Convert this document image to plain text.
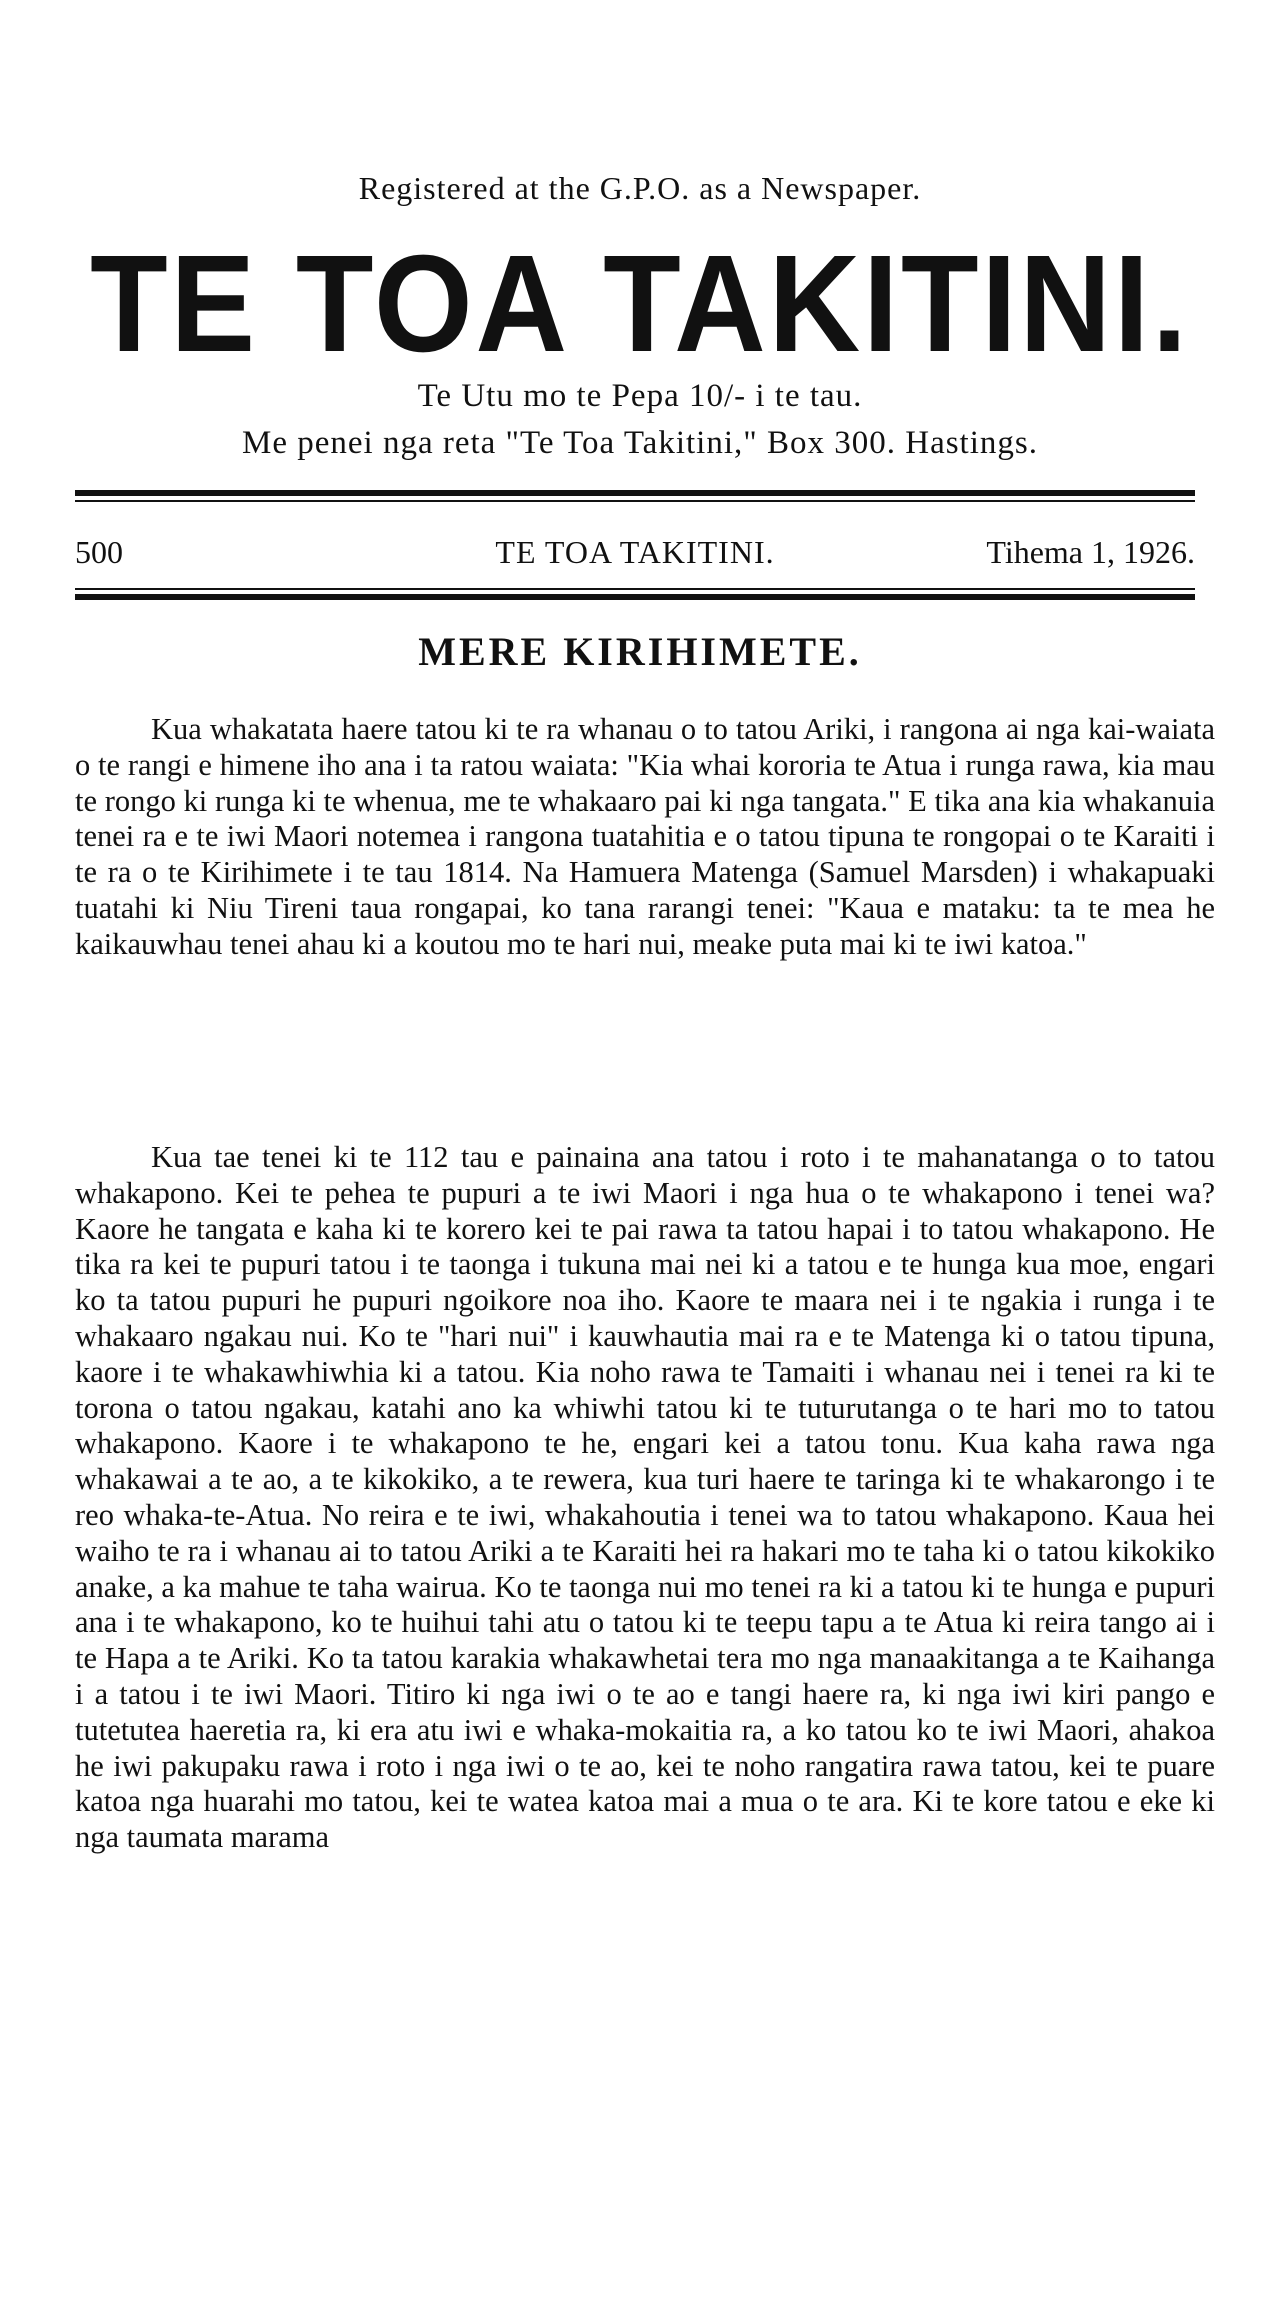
Registered at the G.P.O. as a Newspaper.
TE TOA TAKITINI.
Te Utu mo te Pepa 10/- i te tau.
Me penei nga reta "Te Toa Takitini," Box 300. Hastings.
500	TE TOA TAKITINI.	Tihema 1, 1926.
MERE KIRIHIMETE.

Kua whakatata haere tatou ki te ra whanau o to tatou Ariki, i rangona ai nga kai-waiata o te rangi e himene iho ana i ta ratou waiata: "Kia whai kororia te Atua i runga rawa, kia mau te rongo ki runga ki te whenua, me te whakaaro pai ki nga tangata." E tika ana kia whakanuia tenei ra e te iwi Maori notemea i rangona tuatahitia e o tatou tipuna te rongopai o te Karaiti i te ra o te Kirihimete i te tau 1814. Na Hamuera Matenga (Samuel Marsden) i whakapuaki tuatahi ki Niu Tireni taua rongapai, ko tana rarangi tenei: "Kaua e mataku: ta te mea he kaikauwhau tenei ahau ki a koutou mo te hari nui, meake puta mai ki te iwi katoa."

Kua tae tenei ki te 112 tau e painaina ana tatou i roto i te mahanatanga o to tatou whakapono. Kei te pehea te pupuri a te iwi Maori i nga hua o te whakapono i tenei wa? Kaore he tangata e kaha ki te korero kei te pai rawa ta tatou hapai i to tatou whakapono. He tika ra kei te pupuri tatou i te taonga i tukuna mai nei ki a tatou e te hunga kua moe, engari ko ta tatou pupuri he pupuri ngoikore noa iho. Kaore te maara nei i te ngakia i runga i te whakaaro ngakau nui. Ko te "hari nui" i kauwhautia mai ra e te Matenga ki o tatou tipuna, kaore i te whakawhiwhia ki a tatou. Kia noho rawa te Tamaiti i whanau nei i tenei ra ki te torona o tatou ngakau, katahi ano ka whiwhi tatou ki te tuturutanga o te hari mo to tatou whakapono. Kaore i te whakapono te he, engari kei a tatou tonu. Kua kaha rawa nga whakawai a te ao, a te kikokiko, a te rewera, kua turi haere te taringa ki te whakarongo i te reo whaka-te-Atua. No reira e te iwi, whakahoutia i tenei wa to tatou whakapono. Kaua hei waiho te ra i whanau ai to tatou Ariki a te Karaiti hei ra hakari mo te taha ki o tatou kikokiko anake, a ka mahue te taha wairua. Ko te taonga nui mo tenei ra ki a tatou ki te hunga e pupuri ana i te whakapono, ko te huihui tahi atu o tatou ki te teepu tapu a te Atua ki reira tango ai i te Hapa a te Ariki. Ko ta tatou karakia whakawhetai tera mo nga manaakitanga a te Kaihanga i a tatou i te iwi Maori. Titiro ki nga iwi o te ao e tangi haere ra, ki nga iwi kiri pango e tutetutea haeretia ra, ki era atu iwi e whaka-mokaitia ra, a ko tatou ko te iwi Maori, ahakoa he iwi pakupaku rawa i roto i nga iwi o te ao, kei te noho rangatira rawa tatou, kei te puare katoa nga huarahi mo tatou, kei te watea katoa mai a mua o te ara. Ki te kore tatou e eke ki nga taumata marama
